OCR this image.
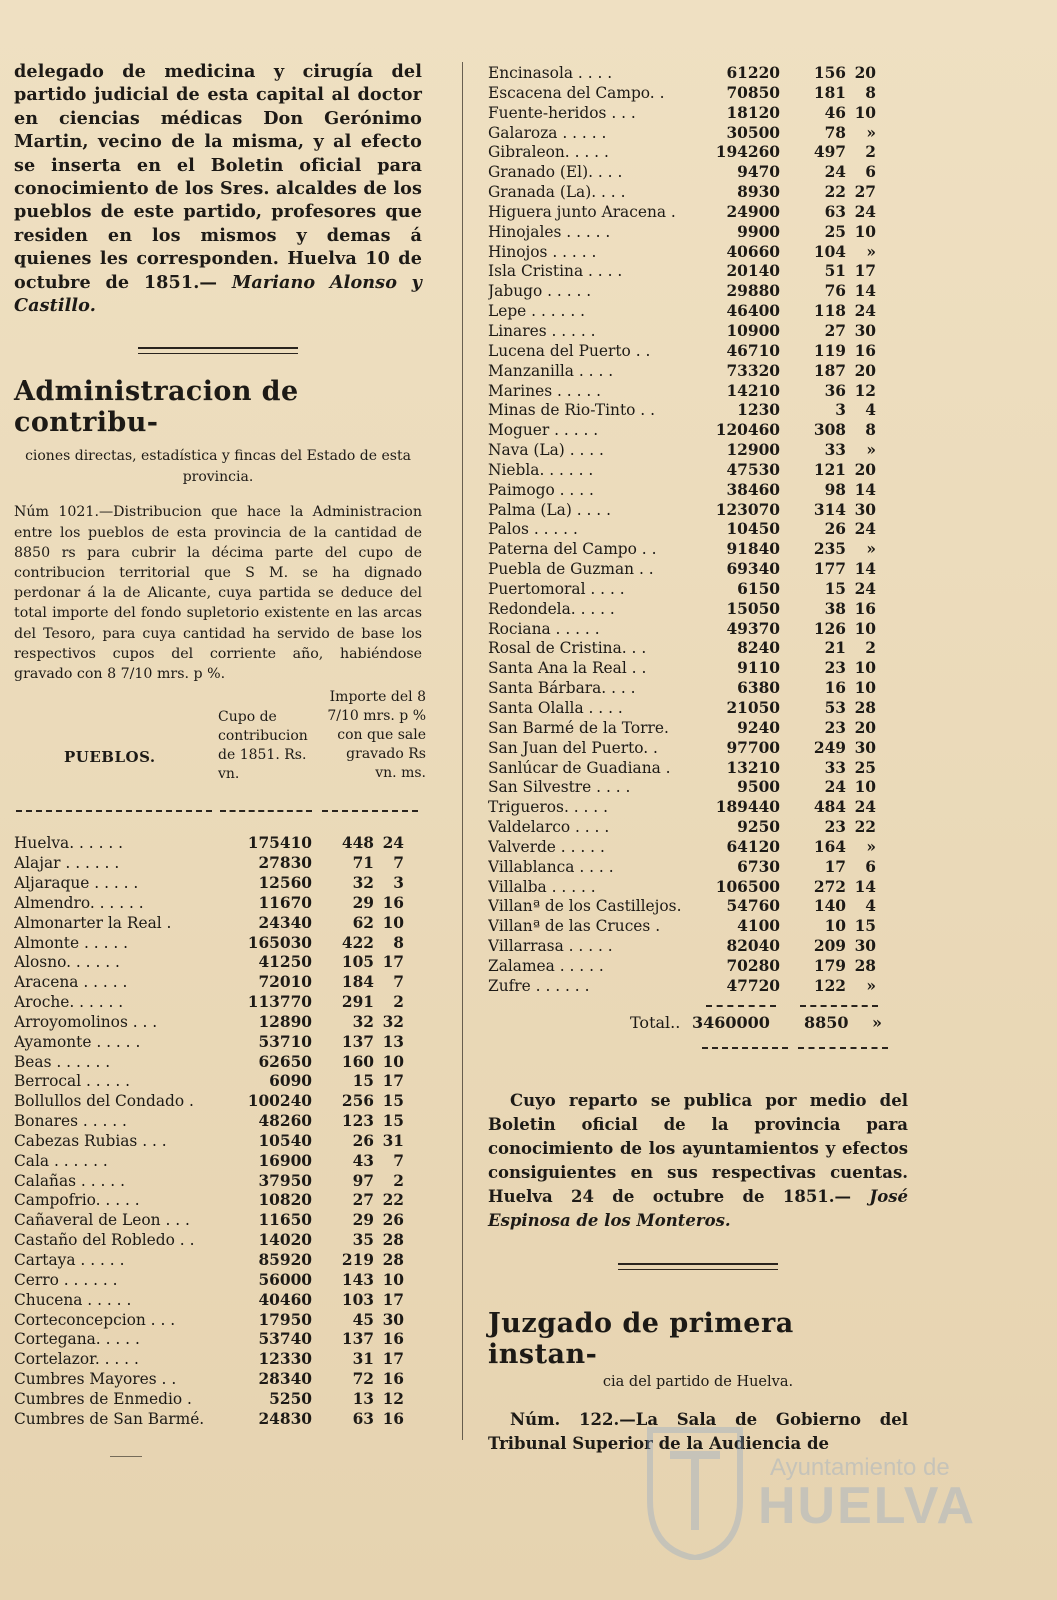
delegado de medicina y cirugía del partido judicial de esta capital al doctor en ciencias médicas Don Gerónimo Martin, vecino de la misma, y al efecto se inserta en el Boletin oficial para conocimiento de los Sres. alcaldes de los pueblos de este partido, profesores que residen en los mismos y demas á quienes les corresponden. Huelva 10 de octubre de 1851.— Mariano Alonso y Castillo.
Administracion de contribu-
ciones directas, estadística y fincas del Estado de esta provincia.
Núm 1021.—Distribucion que hace la Administracion entre los pueblos de esta provincia de la cantidad de 8850 rs para cubrir la décima parte del cupo de contribucion territorial que S M. se ha dignado perdonar á la de Alicante, cuya partida se deduce del total importe del fondo supletorio existente en las arcas del Tesoro, para cuya cantidad ha servido de base los respectivos cupos del corriente año, habiéndose gravado con 8 7/10 mrs. p %.
PUEBLOS.
Cupo de contribucion de 1851. Rs. vn.
Importe del 8 7/10 mrs. p % con que sale gravado Rs vn. ms.
Huelva. . . . . .	175410	448	24
Alajar . . . . . .	27830	71	7
Aljaraque . . . . .	12560	32	3
Almendro. . . . . .	11670	29	16
Almonarter la Real .	24340	62	10
Almonte . . . . .	165030	422	8
Alosno. . . . . .	41250	105	17
Aracena . . . . .	72010	184	7
Aroche. . . . . .	113770	291	2
Arroyomolinos . . .	12890	32	32
Ayamonte . . . . .	53710	137	13
Beas . . . . . .	62650	160	10
Berrocal . . . . .	6090	15	17
Bollullos del Condado .	100240	256	15
Bonares . . . . .	48260	123	15
Cabezas Rubias . . .	10540	26	31
Cala . . . . . .	16900	43	7
Calañas . . . . .	37950	97	2
Campofrio. . . . .	10820	27	22
Cañaveral de Leon . . .	11650	29	26
Castaño del Robledo . .	14020	35	28
Cartaya . . . . .	85920	219	28
Cerro . . . . . .	56000	143	10
Chucena . . . . .	40460	103	17
Corteconcepcion . . .	17950	45	30
Cortegana. . . . .	53740	137	16
Cortelazor. . . . .	12330	31	17
Cumbres Mayores . .	28340	72	16
Cumbres de Enmedio .	5250	13	12
Cumbres de San Barmé.	24830	63	16
Encinasola . . . .	61220	156	20
Escacena del Campo. .	70850	181	8
Fuente-heridos . . .	18120	46	10
Galaroza . . . . .	30500	78	»
Gibraleon. . . . .	194260	497	2
Granado (El). . . .	9470	24	6
Granada (La). . . .	8930	22	27
Higuera junto Aracena .	24900	63	24
Hinojales . . . . .	9900	25	10
Hinojos . . . . .	40660	104	»
Isla Cristina . . . .	20140	51	17
Jabugo . . . . .	29880	76	14
Lepe . . . . . .	46400	118	24
Linares . . . . .	10900	27	30
Lucena del Puerto . .	46710	119	16
Manzanilla . . . .	73320	187	20
Marines . . . . .	14210	36	12
Minas de Rio-Tinto . .	1230	3	4
Moguer . . . . .	120460	308	8
Nava (La) . . . .	12900	33	»
Niebla. . . . . .	47530	121	20
Paimogo . . . .	38460	98	14
Palma (La) . . . .	123070	314	30
Palos . . . . .	10450	26	24
Paterna del Campo . .	91840	235	»
Puebla de Guzman . .	69340	177	14
Puertomoral . . . .	6150	15	24
Redondela. . . . .	15050	38	16
Rociana . . . . .	49370	126	10
Rosal de Cristina. . .	8240	21	2
Santa Ana la Real . .	9110	23	10
Santa Bárbara. . . .	6380	16	10
Santa Olalla . . . .	21050	53	28
San Barmé de la Torre.	9240	23	20
San Juan del Puerto. .	97700	249	30
Sanlúcar de Guadiana .	13210	33	25
San Silvestre . . . .	9500	24	10
Trigueros. . . . .	189440	484	24
Valdelarco . . . .	9250	23	22
Valverde . . . . .	64120	164	»
Villablanca . . . .	6730	17	6
Villalba . . . . .	106500	272	14
Villanª de los Castillejos.	54760	140	4
Villanª de las Cruces .	4100	10	15
Villarrasa . . . . .	82040	209	30
Zalamea . . . . .	70280	179	28
Zufre . . . . . .	47720	122	»
Total.. 3460000 8850 »
Cuyo reparto se publica por medio del Boletin oficial de la provincia para conocimiento de los ayuntamientos y efectos consiguientes en sus respectivas cuentas. Huelva 24 de octubre de 1851.— José Espinosa de los Monteros.
Juzgado de primera instan-
cia del partido de Huelva.
Núm. 122.—La Sala de Gobierno del Tribunal Superior de la Audiencia de
Ayuntamiento de
HUELVA
